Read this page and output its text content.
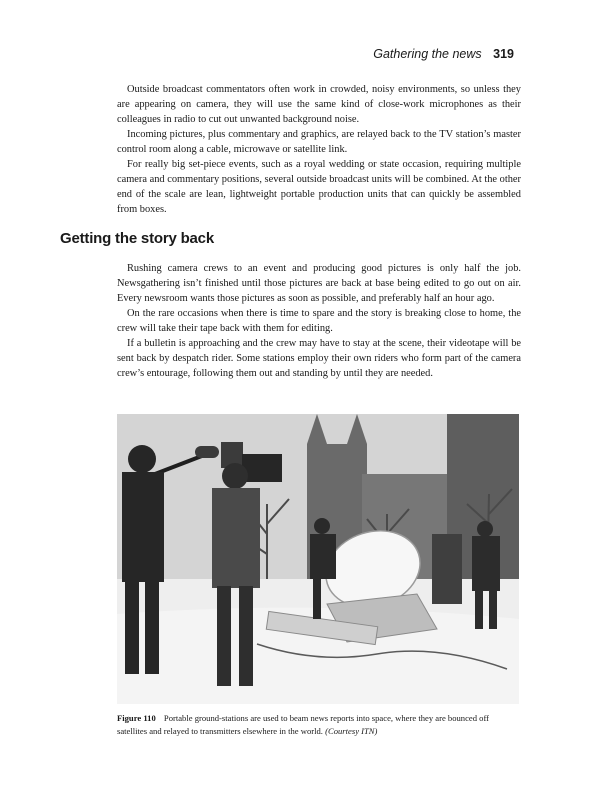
Gathering the news 319

Outside broadcast commentators often work in crowded, noisy environments, so unless they are appearing on camera, they will use the same kind of close-work microphones as their colleagues in radio to cut out unwanted background noise.

Incoming pictures, plus commentary and graphics, are relayed back to the TV station’s master control room along a cable, microwave or satellite link.

For really big set-piece events, such as a royal wedding or state occasion, requiring multiple camera and commentary positions, several outside broadcast units will be combined. At the other end of the scale are lean, lightweight portable production units that can quickly be assembled from boxes.

Getting the story back

Rushing camera crews to an event and producing good pictures is only half the job. Newsgathering isn’t finished until those pictures are back at base being edited to go out on air. Every newsroom wants those pictures as soon as possible, and preferably half an hour ago.

On the rare occasions when there is time to spare and the story is breaking close to home, the crew will take their tape back with them for editing.

If a bulletin is approaching and the crew may have to stay at the scene, their videotape will be sent back by despatch rider. Some stations employ their own riders who form part of the camera crew’s entourage, following them out and standing by until they are needed.

Figure 110 Portable ground-stations are used to beam news reports into space, where they are bounced off satellites and relayed to transmitters elsewhere in the world. (Courtesy ITN)
